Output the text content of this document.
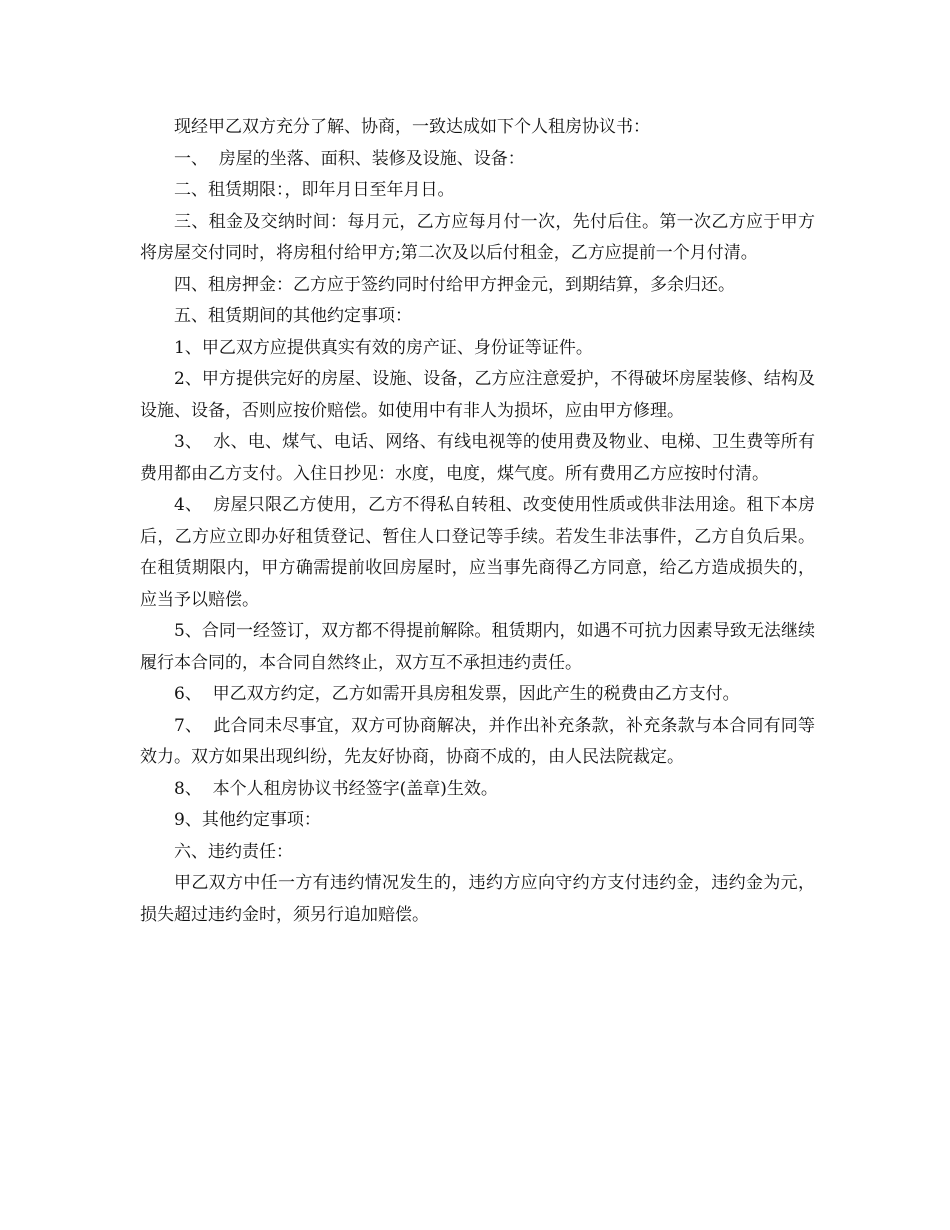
现经甲乙双方充分了解、协商，一致达成如下个人租房协议书：

一、  房屋的坐落、面积、装修及设施、设备：

二、租赁期限：，即年月日至年月日。

三、租金及交纳时间：每月元，乙方应每月付一次，先付后住。第一次乙方应于甲方将房屋交付同时，将房租付给甲方;第二次及以后付租金，乙方应提前一个月付清。

四、租房押金：乙方应于签约同时付给甲方押金元，到期结算，多余归还。

五、租赁期间的其他约定事项：

1、甲乙双方应提供真实有效的房产证、身份证等证件。

2、甲方提供完好的房屋、设施、设备，乙方应注意爱护，不得破坏房屋装修、结构及设施、设备，否则应按价赔偿。如使用中有非人为损坏，应由甲方修理。

3、  水、电、煤气、电话、网络、有线电视等的使用费及物业、电梯、卫生费等所有费用都由乙方支付。入住日抄见：水度，电度，煤气度。所有费用乙方应按时付清。

4、  房屋只限乙方使用，乙方不得私自转租、改变使用性质或供非法用途。租下本房后，乙方应立即办好租赁登记、暂住人口登记等手续。若发生非法事件，乙方自负后果。在租赁期限内，甲方确需提前收回房屋时，应当事先商得乙方同意，给乙方造成损失的，应当予以赔偿。

5、合同一经签订，双方都不得提前解除。租赁期内，如遇不可抗力因素导致无法继续履行本合同的，本合同自然终止，双方互不承担违约责任。

6、  甲乙双方约定，乙方如需开具房租发票，因此产生的税费由乙方支付。

7、  此合同未尽事宜，双方可协商解决，并作出补充条款，补充条款与本合同有同等效力。双方如果出现纠纷，先友好协商，协商不成的，由人民法院裁定。

8、  本个人租房协议书经签字(盖章)生效。

9、其他约定事项：

六、违约责任：

甲乙双方中任一方有违约情况发生的，违约方应向守约方支付违约金，违约金为元，损失超过违约金时，须另行追加赔偿。
